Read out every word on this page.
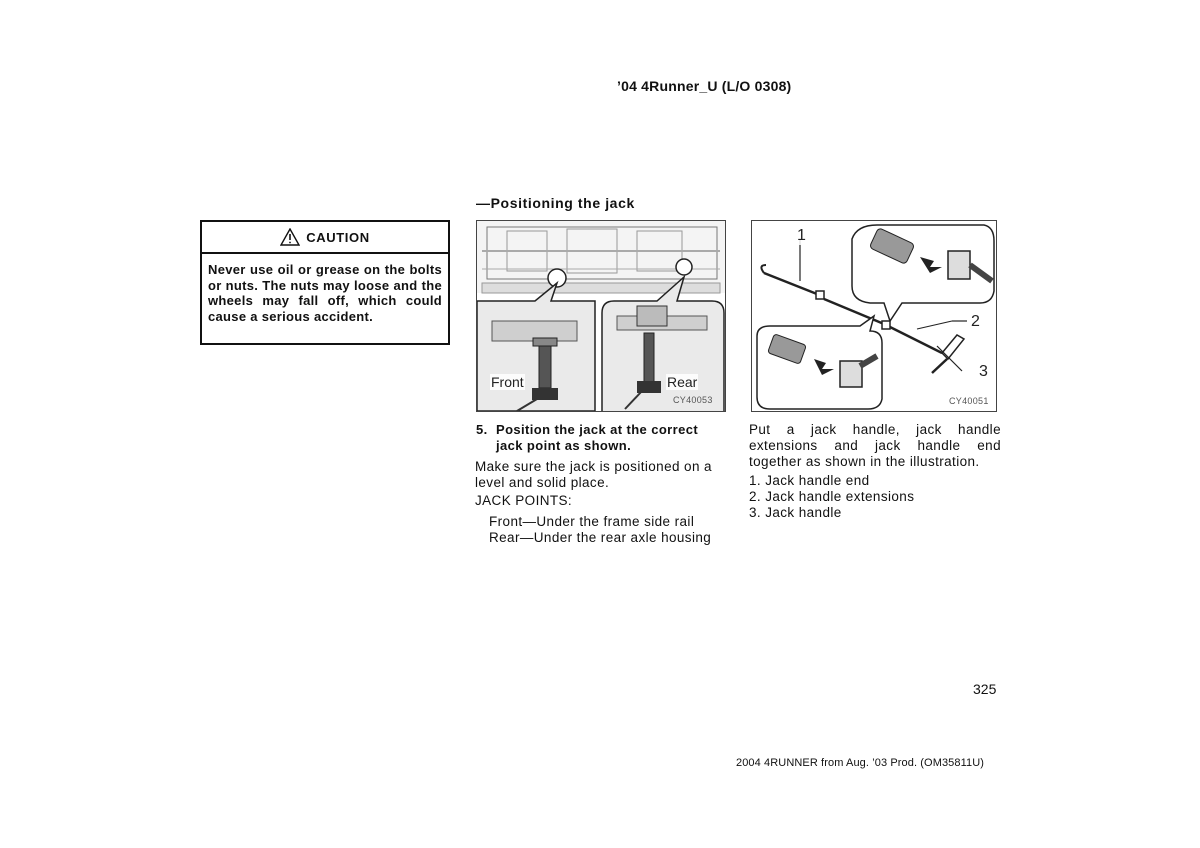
’04 4Runner_U (L/O 0308)
—Positioning the jack
CAUTION
Never use oil or grease on the bolts or nuts. The nuts may loose and the wheels may fall off, which could cause a serious accident.
Front	Rear
CY40053
1
2
3
CY40051
5. Position the jack at the correct
jack point as shown.
Make sure the jack is positioned on a level and solid place.
JACK POINTS:
Front—Under the frame side rail
Rear—Under the rear axle housing
Put a jack handle, jack handle extensions and jack handle end together as shown in the illustration.
1. Jack handle end
2. Jack handle extensions
3. Jack handle
325
2004 4RUNNER from Aug. ’03 Prod. (OM35811U)
